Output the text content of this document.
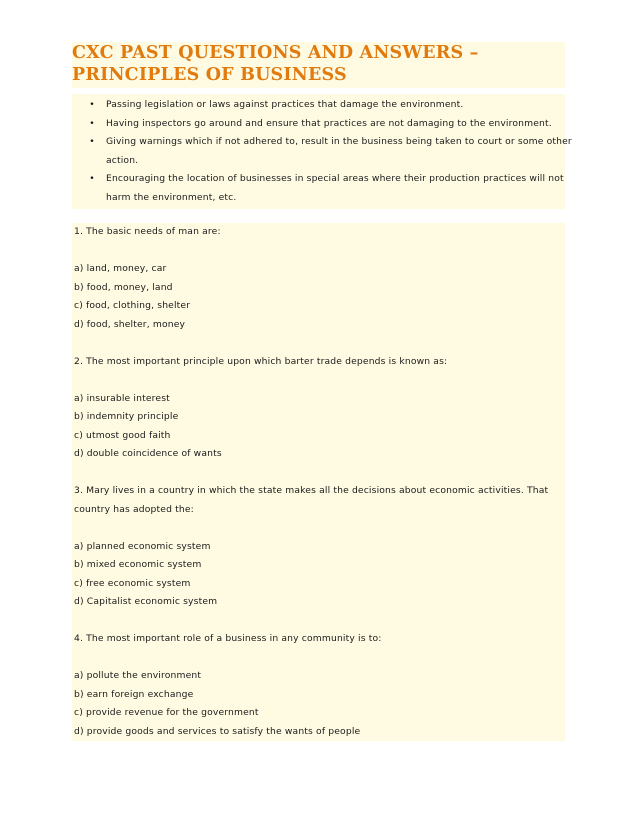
CXC PAST QUESTIONS AND ANSWERS –
PRINCIPLES OF BUSINESS
•	Passing legislation or laws against practices that damage the environment.
•	Having inspectors go around and ensure that practices are not damaging to the environment.
•	Giving warnings which if not adhered to, result in the business being taken to court or some other
action.
•	Encouraging the location of businesses in special areas where their production practices will not
harm the environment, etc.
1. The basic needs of man are:
a) land, money, car
b) food, money, land
c) food, clothing, shelter
d) food, shelter, money
2. The most important principle upon which barter trade depends is known as:
a) insurable interest
b) indemnity principle
c) utmost good faith
d) double coincidence of wants
3. Mary lives in a country in which the state makes all the decisions about economic activities. That
country has adopted the:
a) planned economic system
b) mixed economic system
c) free economic system
d) Capitalist economic system
4. The most important role of a business in any community is to:
a) pollute the environment
b) earn foreign exchange
c) provide revenue for the government
d) provide goods and services to satisfy the wants of people
